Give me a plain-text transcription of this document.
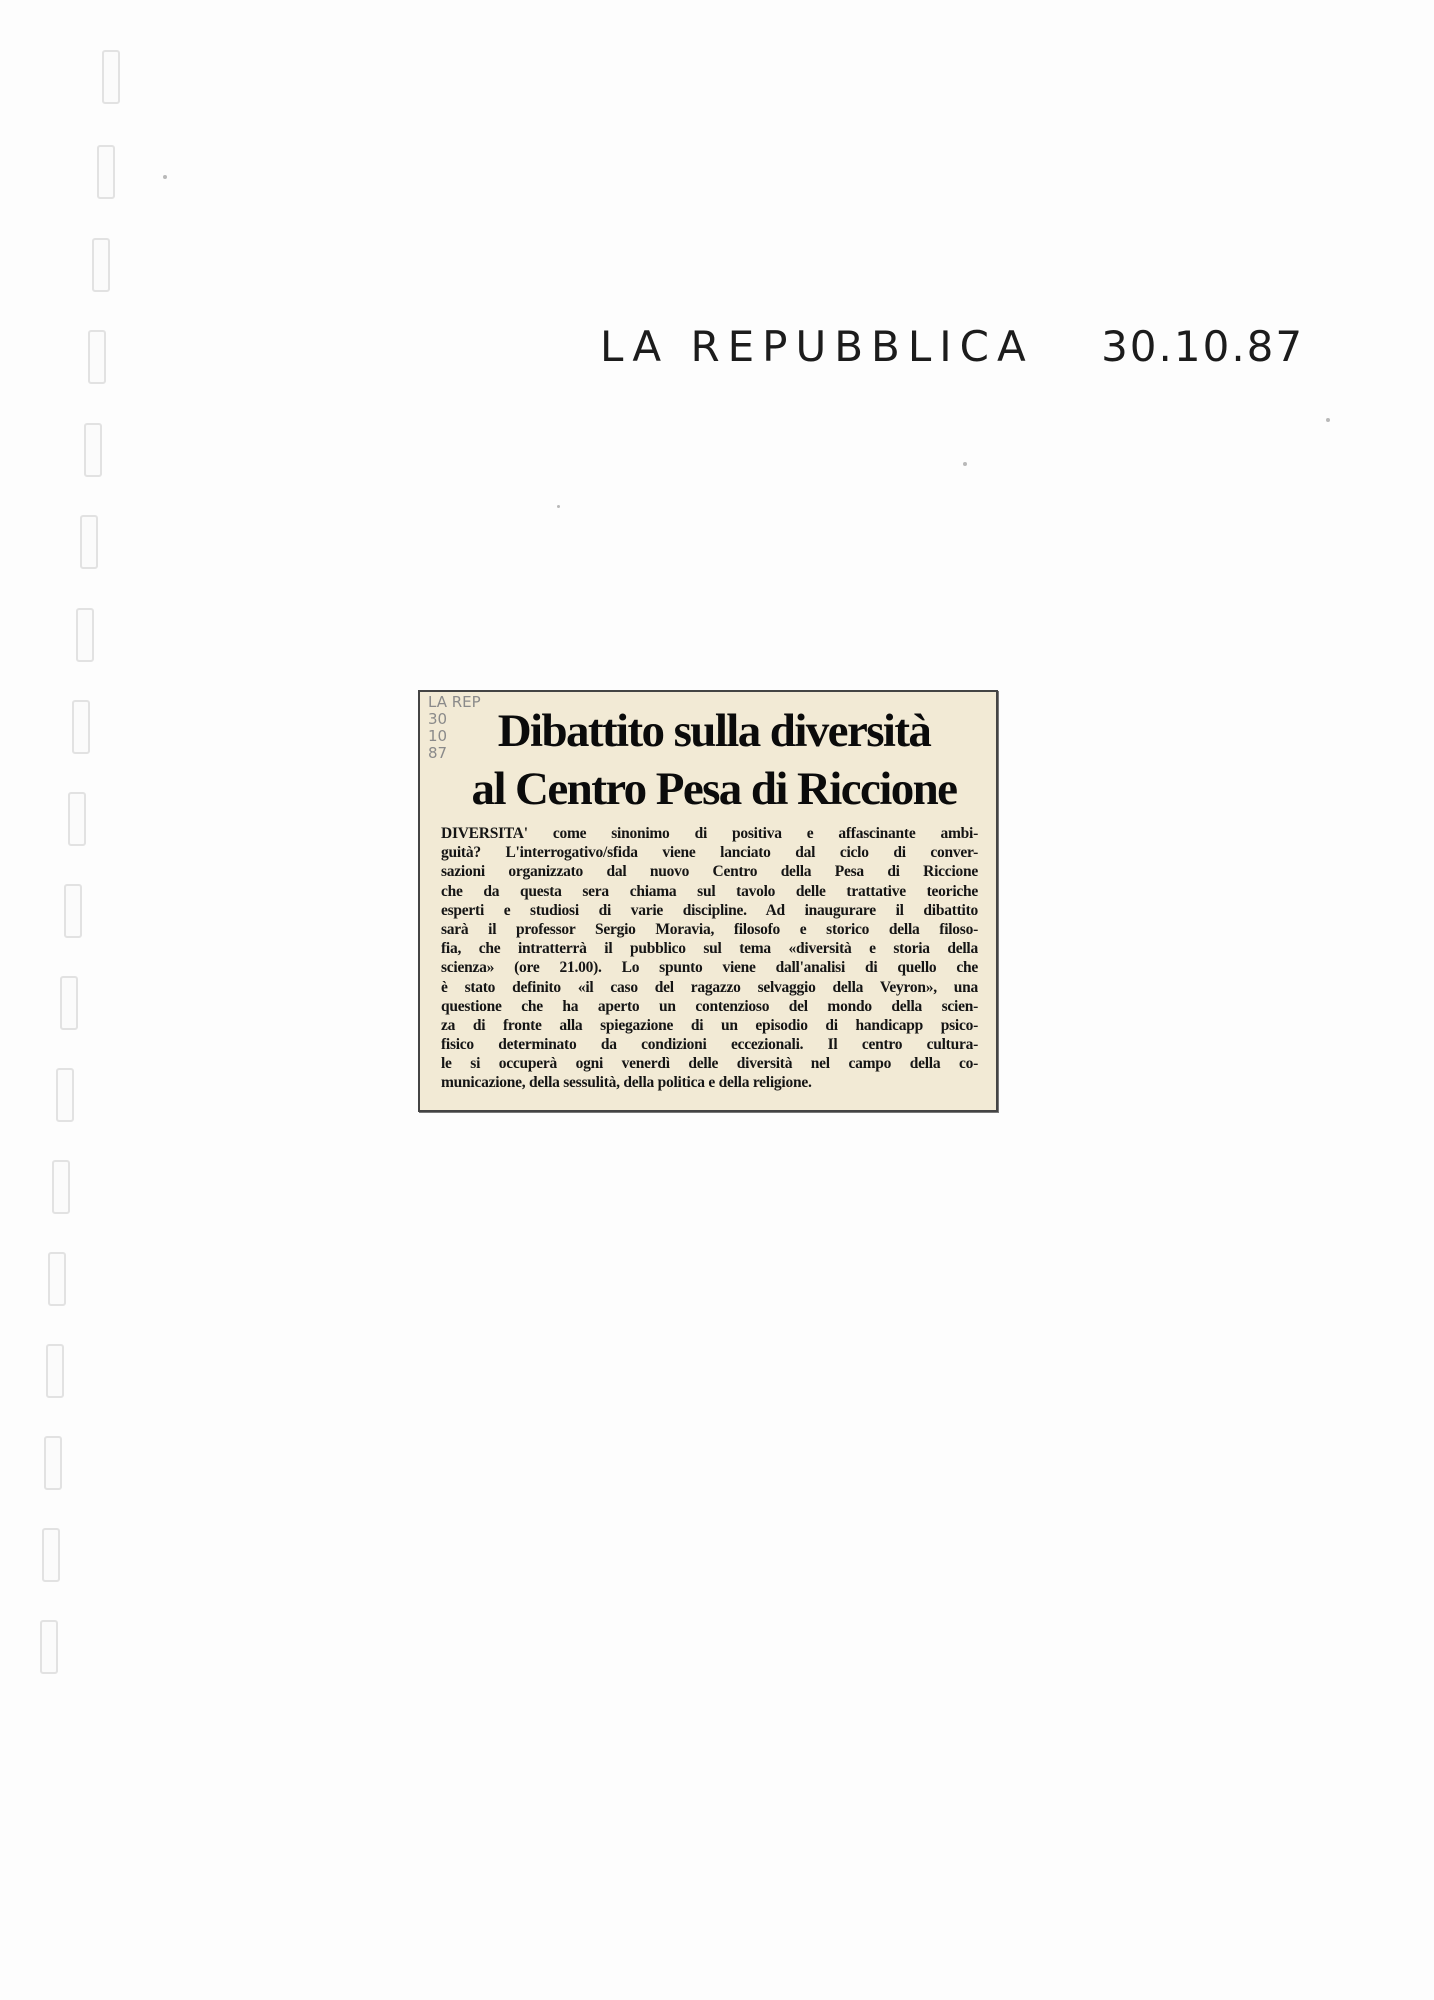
LA REPUBBLICA 30.10.87
LA REP
30
10
87	Dibattito sulla diversità
al Centro Pesa di Riccione
DIVERSITA' come sinonimo di positiva e affascinante ambi-
guità? L'interrogativo/sfida viene lanciato dal ciclo di conver-
sazioni organizzato dal nuovo Centro della Pesa di Riccione
che da questa sera chiama sul tavolo delle trattative teoriche
esperti e studiosi di varie discipline. Ad inaugurare il dibattito
sarà il professor Sergio Moravia, filosofo e storico della filoso-
fia, che intratterrà il pubblico sul tema «diversità e storia della
scienza» (ore 21.00). Lo spunto viene dall'analisi di quello che
è stato definito «il caso del ragazzo selvaggio della Veyron», una
questione che ha aperto un contenzioso del mondo della scien-
za di fronte alla spiegazione di un episodio di handicapp psico-
fisico determinato da condizioni eccezionali. Il centro cultura-
le si occuperà ogni venerdì delle diversità nel campo della co-
municazione, della sessulità, della politica e della religione.
